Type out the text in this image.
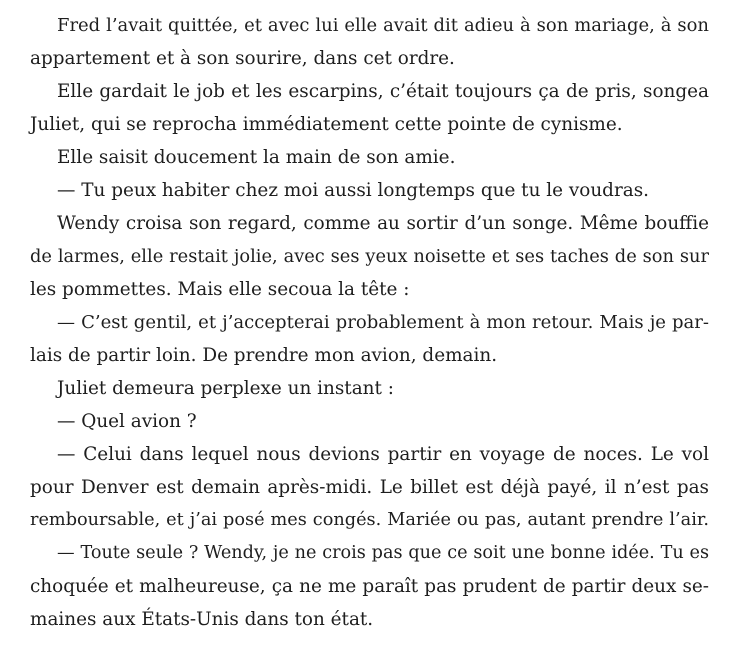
Fred l’avait quittée, et avec lui elle avait dit adieu à son mariage, à son
appartement et à son sourire, dans cet ordre.
Elle gardait le job et les escarpins, c’était toujours ça de pris, songea
Juliet, qui se reprocha immédiatement cette pointe de cynisme.
Elle saisit doucement la main de son amie.
— Tu peux habiter chez moi aussi longtemps que tu le voudras.
Wendy croisa son regard, comme au sortir d’un songe. Même bouffie
de larmes, elle restait jolie, avec ses yeux noisette et ses taches de son sur
les pommettes. Mais elle secoua la tête :
— C’est gentil, et j’accepterai probablement à mon retour. Mais je par-
lais de partir loin. De prendre mon avion, demain.
Juliet demeura perplexe un instant :
— Quel avion ?
— Celui dans lequel nous devions partir en voyage de noces. Le vol
pour Denver est demain après-midi. Le billet est déjà payé, il n’est pas
remboursable, et j’ai posé mes congés. Mariée ou pas, autant prendre l’air.
— Toute seule ? Wendy, je ne crois pas que ce soit une bonne idée. Tu es
choquée et malheureuse, ça ne me paraît pas prudent de partir deux se-
maines aux États-Unis dans ton état.
